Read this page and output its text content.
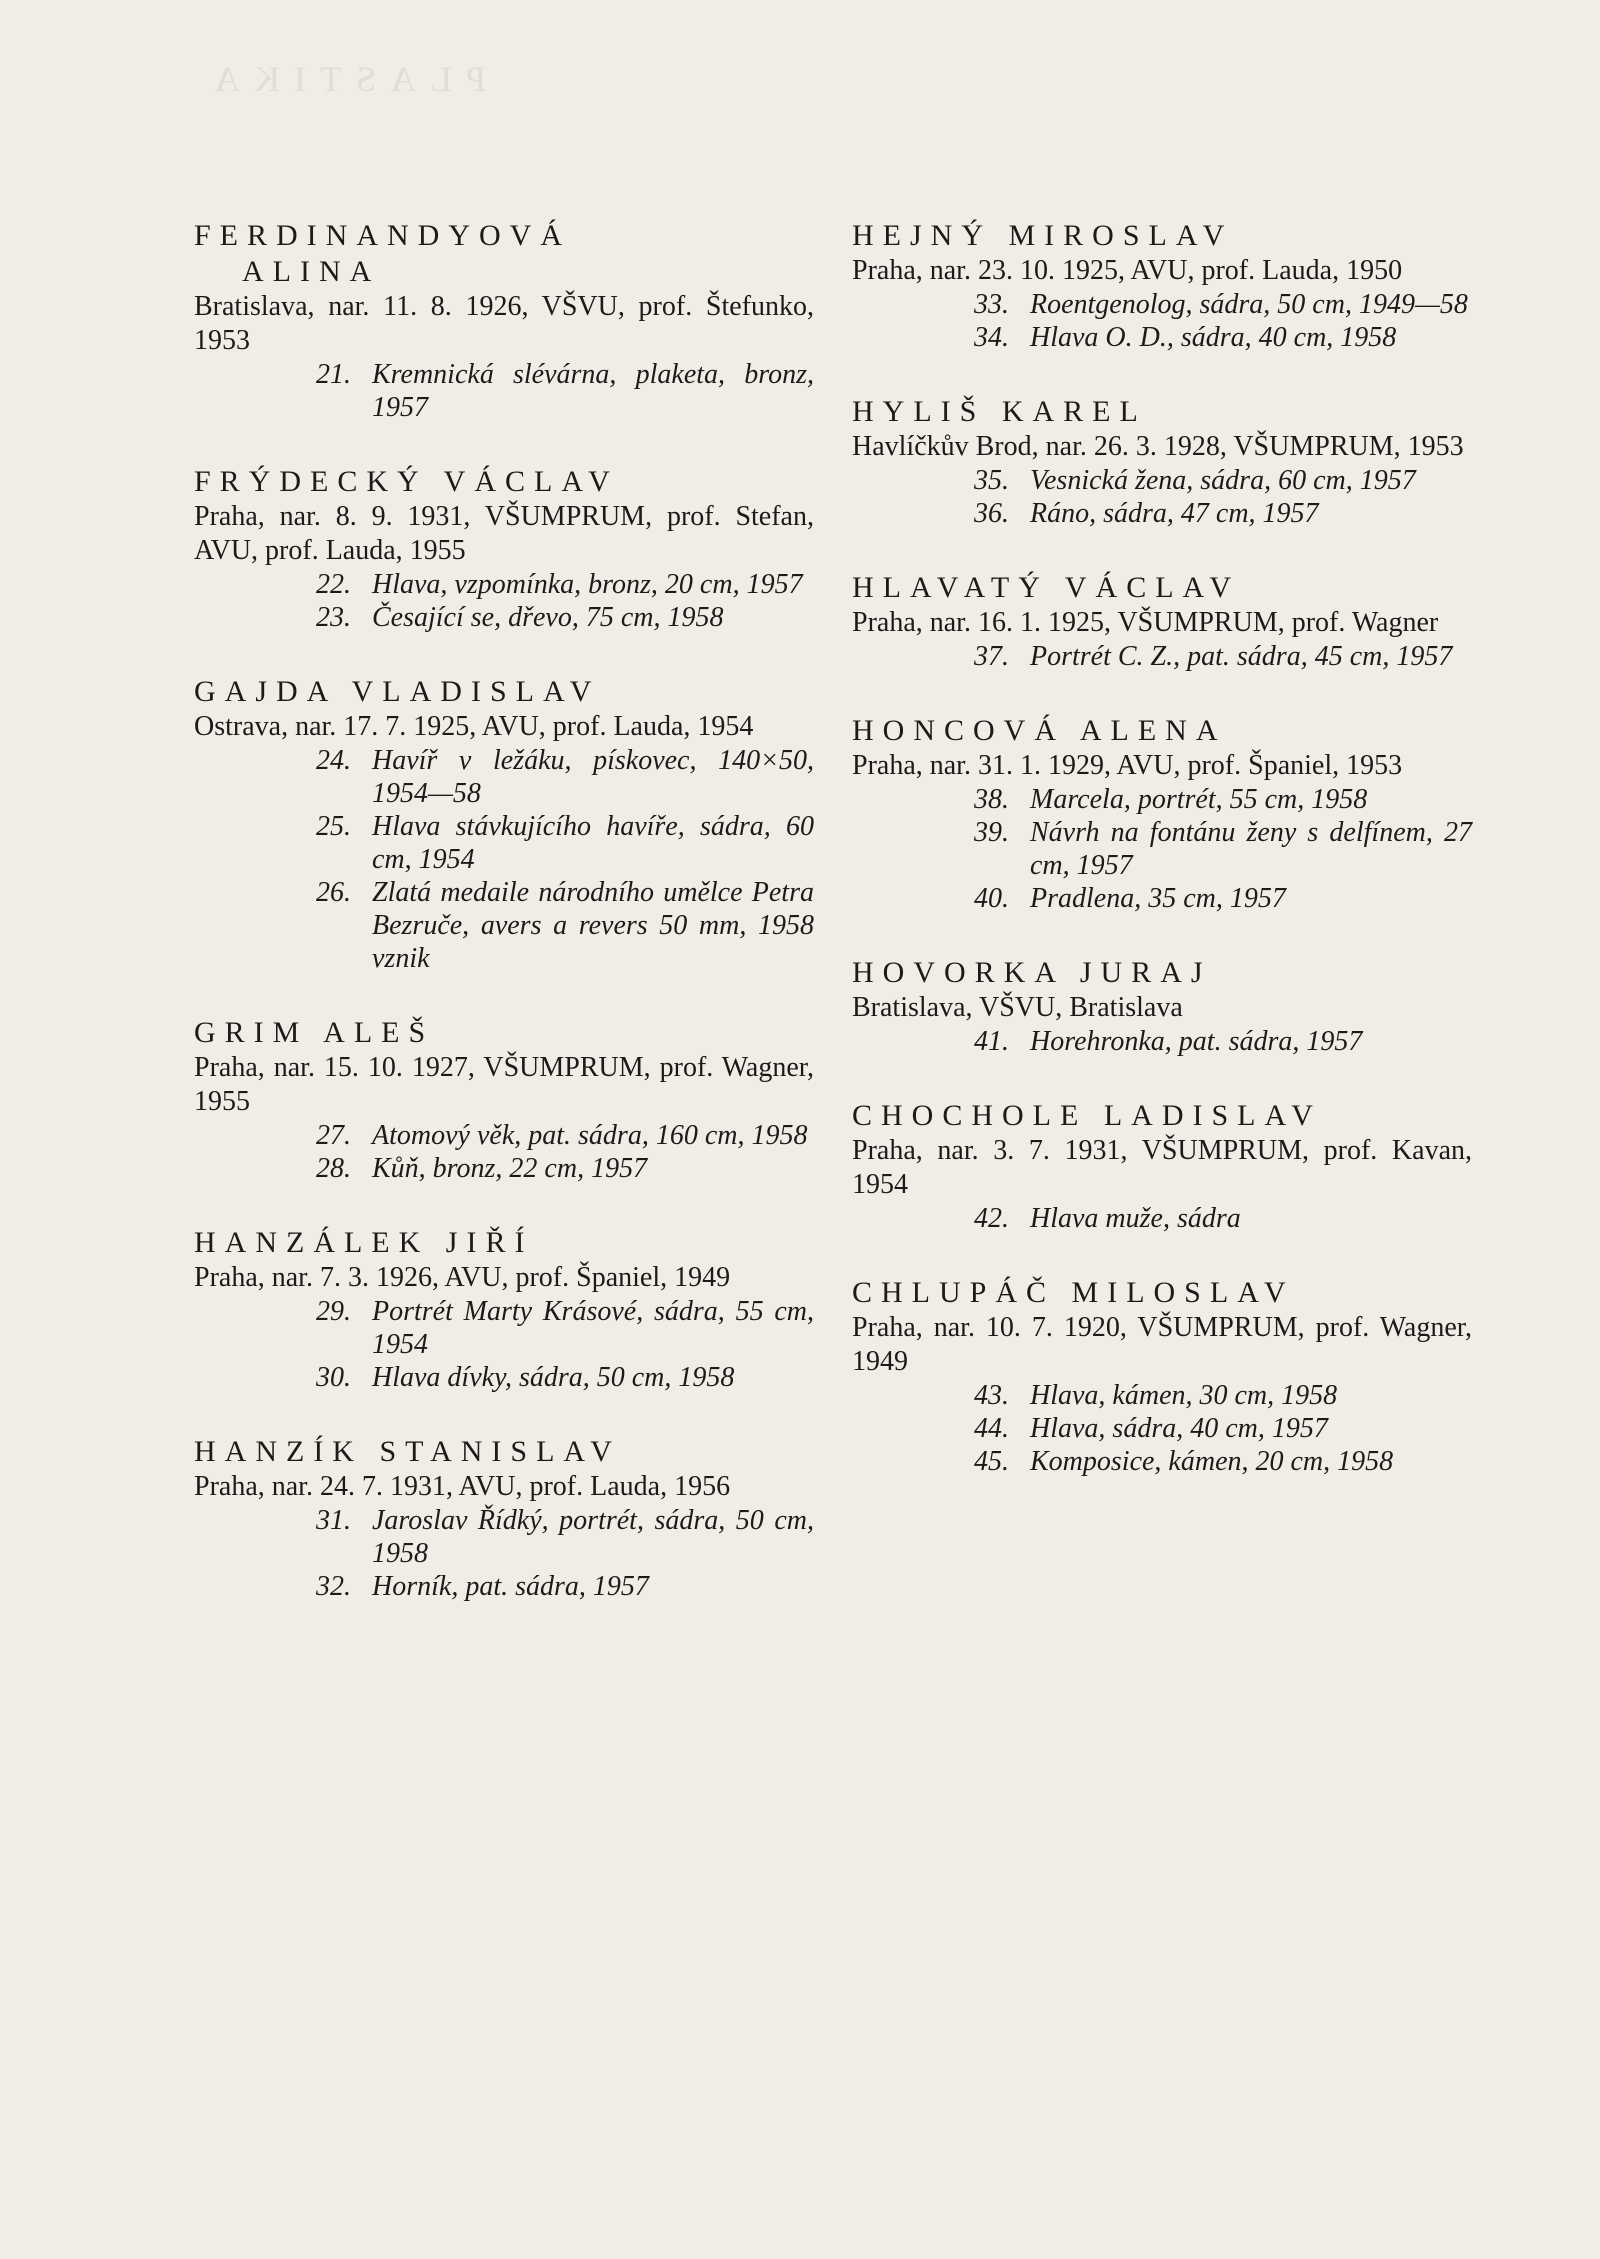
PLASTIKA
FERDINANDYOVÁ
ALINA
Bratislava, nar. 11. 8. 1926, VŠVU, prof. Štefunko, 1953
21. Kremnická slévárna, plaketa, bronz, 1957
FRÝDECKÝ VÁCLAV
Praha, nar. 8. 9. 1931, VŠUMPRUM, prof. Stefan, AVU, prof. Lauda, 1955
22. Hlava, vzpomínka, bronz, 20 cm, 1957
23. Česající se, dřevo, 75 cm, 1958
GAJDA VLADISLAV
Ostrava, nar. 17. 7. 1925, AVU, prof. Lauda, 1954
24. Havíř v ležáku, pískovec, 140×50, 1954—58
25. Hlava stávkujícího havíře, sádra, 60 cm, 1954
26. Zlatá medaile národního umělce Petra Bezruče, avers a revers 50 mm, 1958 vznik
GRIM ALEŠ
Praha, nar. 15. 10. 1927, VŠUMPRUM, prof. Wagner, 1955
27. Atomový věk, pat. sádra, 160 cm, 1958
28. Kůň, bronz, 22 cm, 1957
HANZÁLEK JIŘÍ
Praha, nar. 7. 3. 1926, AVU, prof. Španiel, 1949
29. Portrét Marty Krásové, sádra, 55 cm, 1954
30. Hlava dívky, sádra, 50 cm, 1958
HANZÍK STANISLAV
Praha, nar. 24. 7. 1931, AVU, prof. Lauda, 1956
31. Jaroslav Řídký, portrét, sádra, 50 cm, 1958
32. Horník, pat. sádra, 1957
HEJNÝ MIROSLAV
Praha, nar. 23. 10. 1925, AVU, prof. Lauda, 1950
33. Roentgenolog, sádra, 50 cm, 1949—58
34. Hlava O. D., sádra, 40 cm, 1958
HYLIŠ KAREL
Havlíčkův Brod, nar. 26. 3. 1928, VŠUMPRUM, 1953
35. Vesnická žena, sádra, 60 cm, 1957
36. Ráno, sádra, 47 cm, 1957
HLAVATÝ VÁCLAV
Praha, nar. 16. 1. 1925, VŠUMPRUM, prof. Wagner
37. Portrét C. Z., pat. sádra, 45 cm, 1957
HONCOVÁ ALENA
Praha, nar. 31. 1. 1929, AVU, prof. Španiel, 1953
38. Marcela, portrét, 55 cm, 1958
39. Návrh na fontánu ženy s delfínem, 27 cm, 1957
40. Pradlena, 35 cm, 1957
HOVORKA JURAJ
Bratislava, VŠVU, Bratislava
41. Horehronka, pat. sádra, 1957
CHOCHOLE LADISLAV
Praha, nar. 3. 7. 1931, VŠUMPRUM, prof. Kavan, 1954
42. Hlava muže, sádra
CHLUPÁČ MILOSLAV
Praha, nar. 10. 7. 1920, VŠUMPRUM, prof. Wagner, 1949
43. Hlava, kámen, 30 cm, 1958
44. Hlava, sádra, 40 cm, 1957
45. Komposice, kámen, 20 cm, 1958
